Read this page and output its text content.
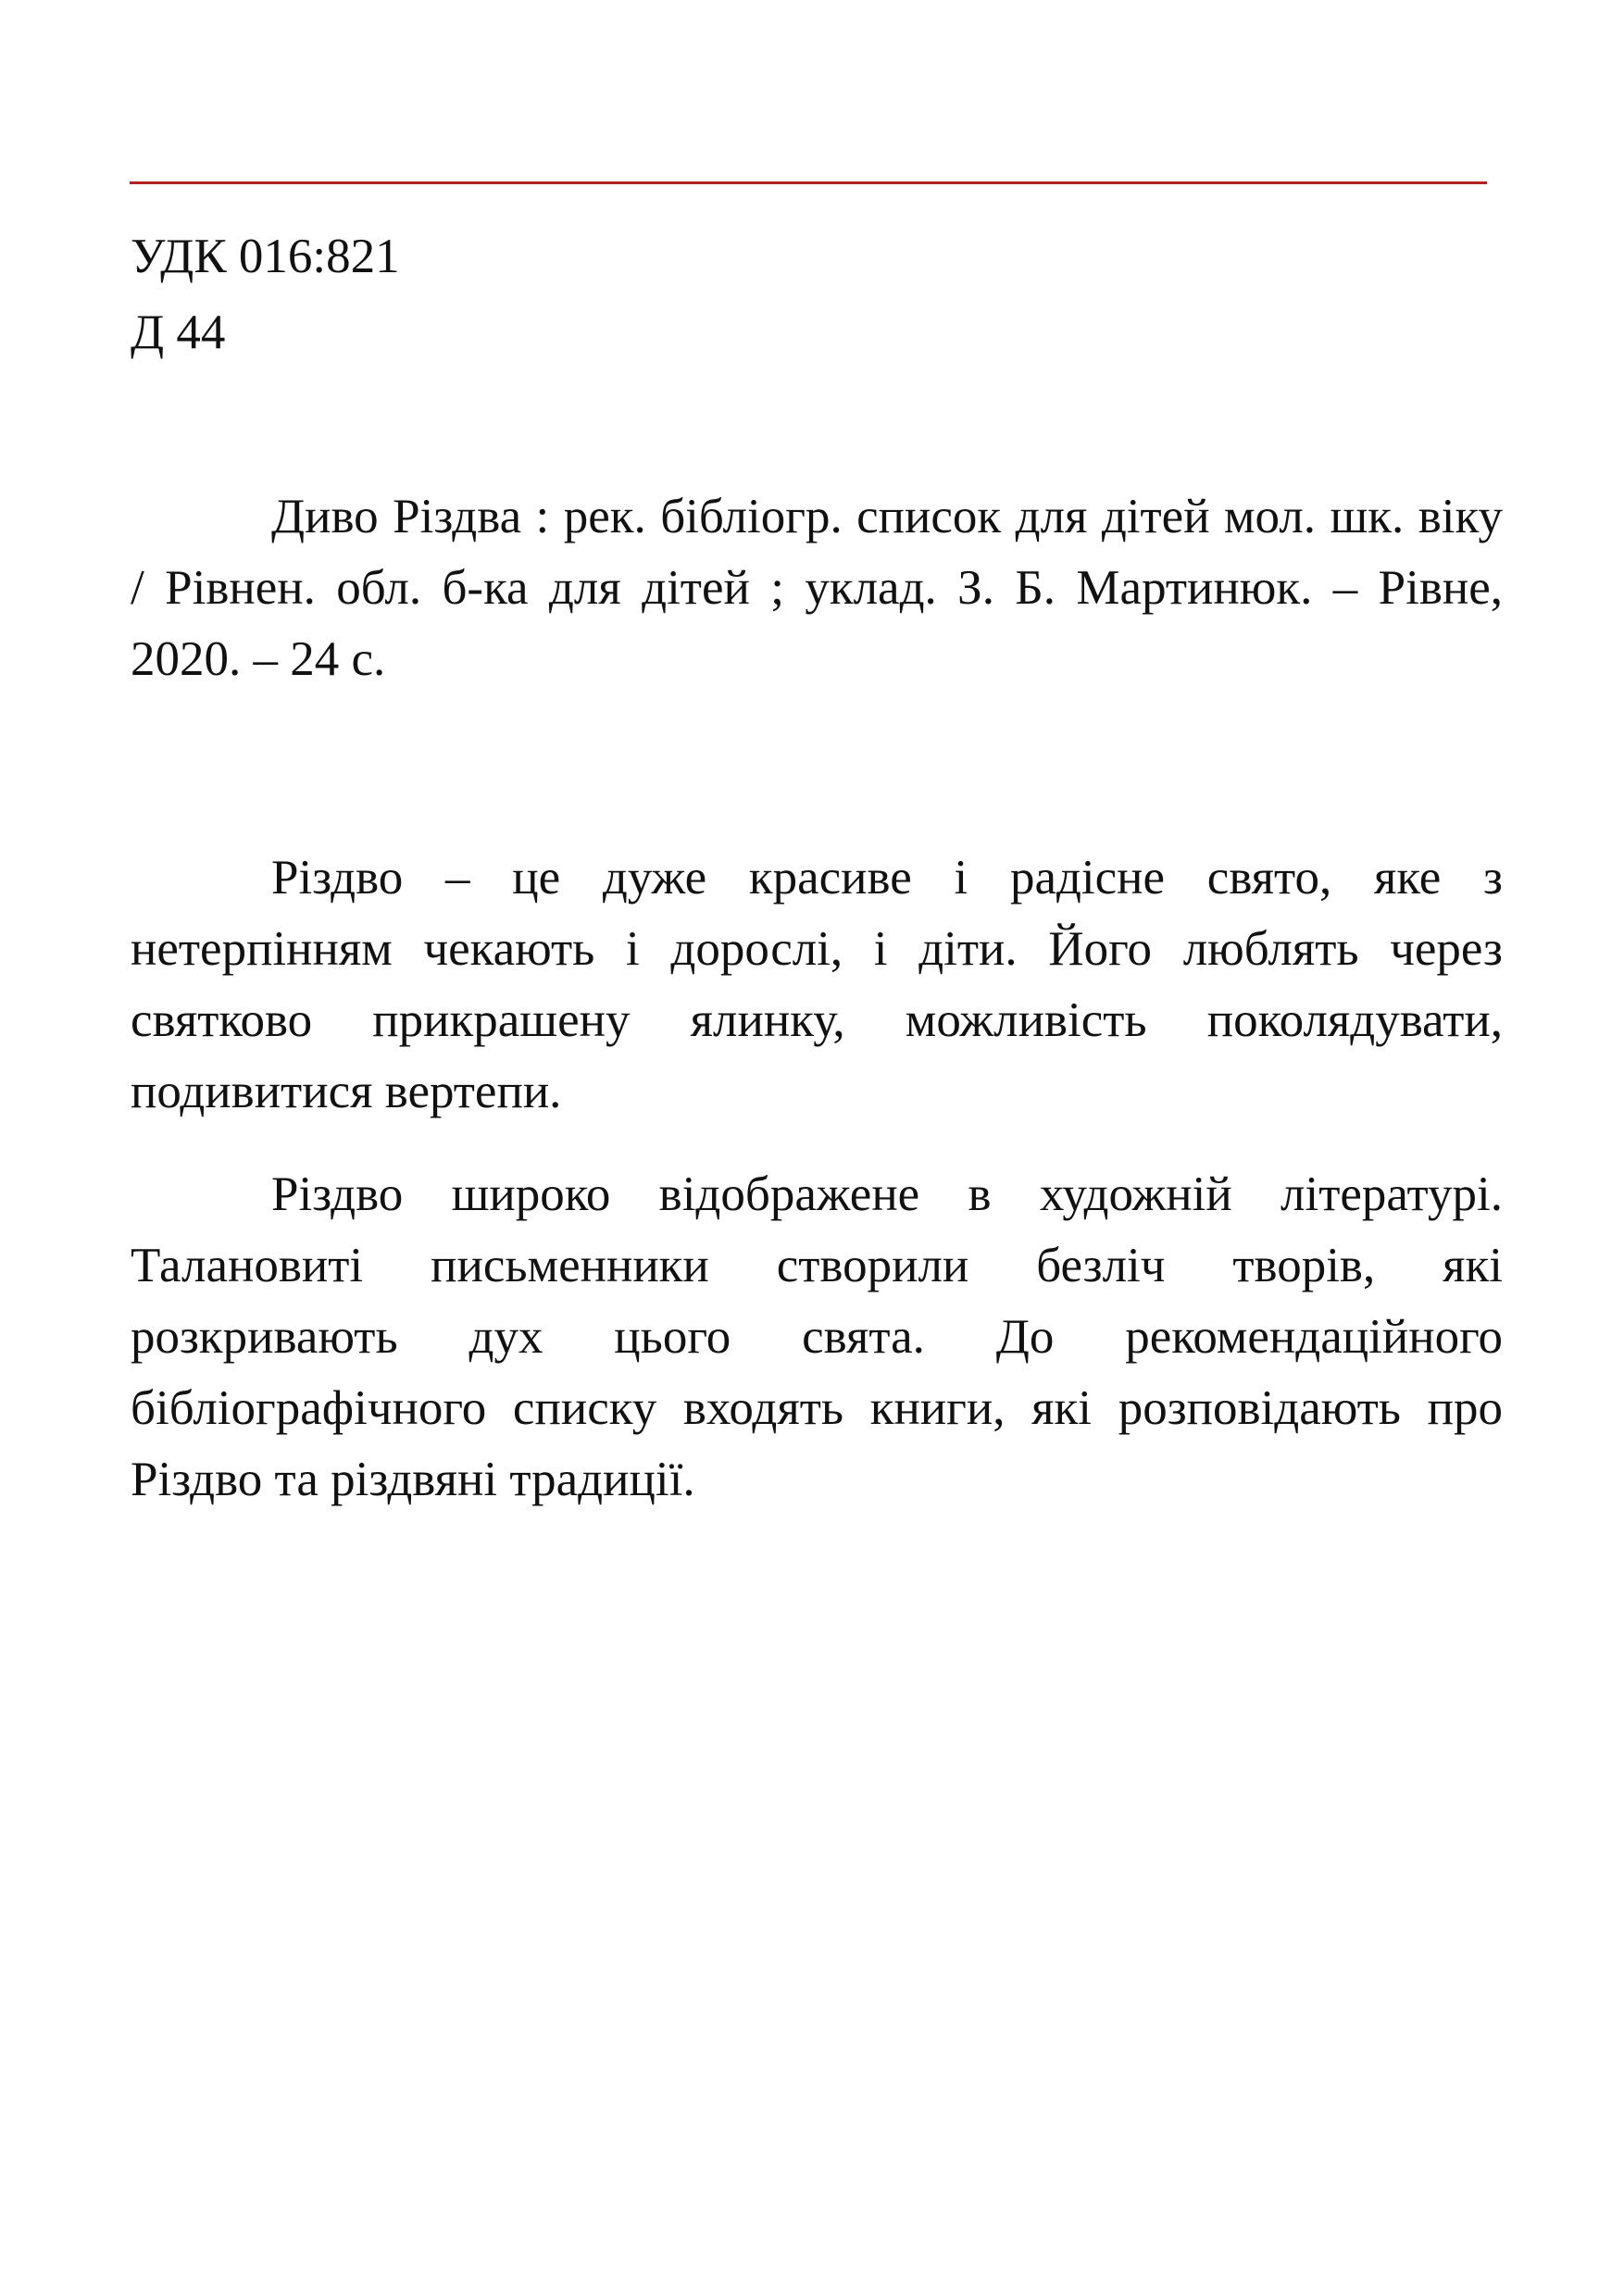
УДК 016:821
Д 44

Диво Різдва : рек. бібліогр. список для дітей мол. шк. віку / Рівнен. обл. б-ка для дітей ; уклад. З. Б. Мартинюк. – Рівне, 2020. – 24 с.

Різдво – це дуже красиве і радісне свято, яке з нетерпінням чекають і дорослі, і діти. Його люблять через святково прикрашену ялинку, можливість поколядувати, подивитися вертепи.

Різдво широко відображене в художній літературі. Талановиті письменники створили безліч творів, які розкривають дух цього свята. До рекомендаційного бібліографічного списку входять книги, які розповідають про Різдво та різдвяні традиції.
